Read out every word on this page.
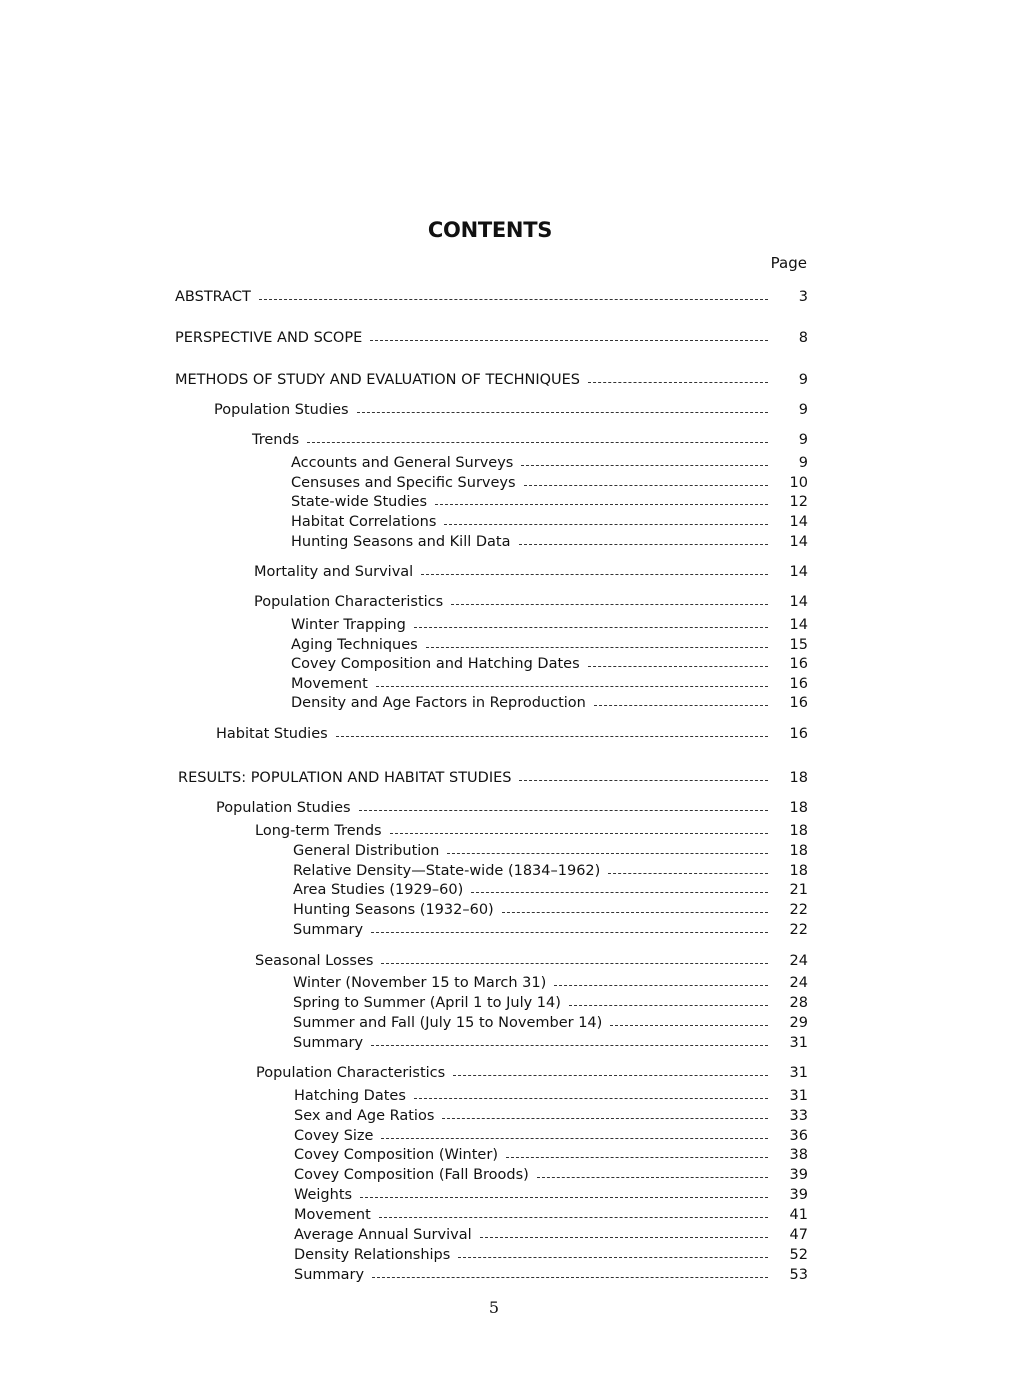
CONTENTS
Page
ABSTRACT	3
PERSPECTIVE AND SCOPE	8
METHODS OF STUDY AND EVALUATION OF TECHNIQUES	9
Population Studies	9
Trends	9
Accounts and General Surveys	9
Censuses and Specific Surveys	10
State-wide Studies	12
Habitat Correlations	14
Hunting Seasons and Kill Data	14
Mortality and Survival	14
Population Characteristics	14
Winter Trapping	14
Aging Techniques	15
Covey Composition and Hatching Dates	16
Movement	16
Density and Age Factors in Reproduction	16
Habitat Studies	16
RESULTS: POPULATION AND HABITAT STUDIES	18
Population Studies	18
Long-term Trends	18
General Distribution	18
Relative Density—State-wide (1834–1962)	18
Area Studies (1929–60)	21
Hunting Seasons (1932–60)	22
Summary	22
Seasonal Losses	24
Winter (November 15 to March 31)	24
Spring to Summer (April 1 to July 14)	28
Summer and Fall (July 15 to November 14)	29
Summary	31
Population Characteristics	31
Hatching Dates	31
Sex and Age Ratios	33
Covey Size	36
Covey Composition (Winter)	38
Covey Composition (Fall Broods)	39
Weights	39
Movement	41
Average Annual Survival	47
Density Relationships	52
Summary	53
5
